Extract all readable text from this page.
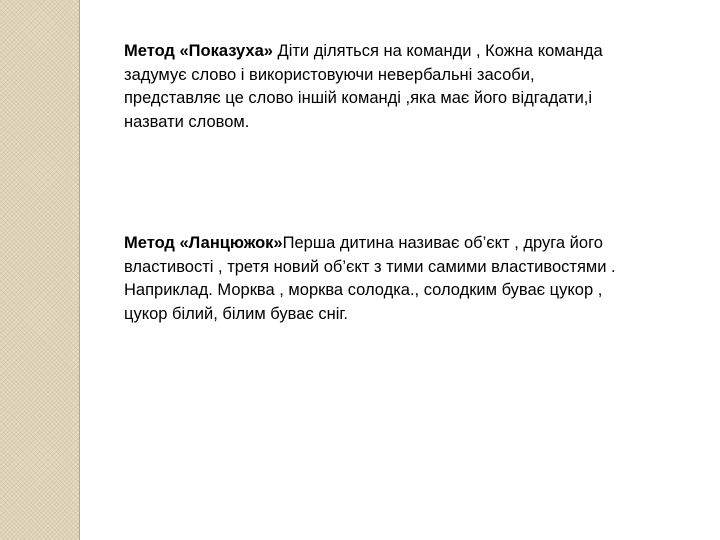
Метод «Показуха» Діти діляться на команди , Кожна команда
задумує слово і використовуючи невербальні засоби,
представляє це слово іншій команді ,яка має його відгадати,і
назвати словом.

Метод «Ланцюжок»Перша дитина називає об’єкт , друга його
властивості , третя новий об’єкт з тими самими властивостями .
Наприклад. Морква , морква солодка., солодким буває цукор ,
цукор білий, білим буває сніг.
